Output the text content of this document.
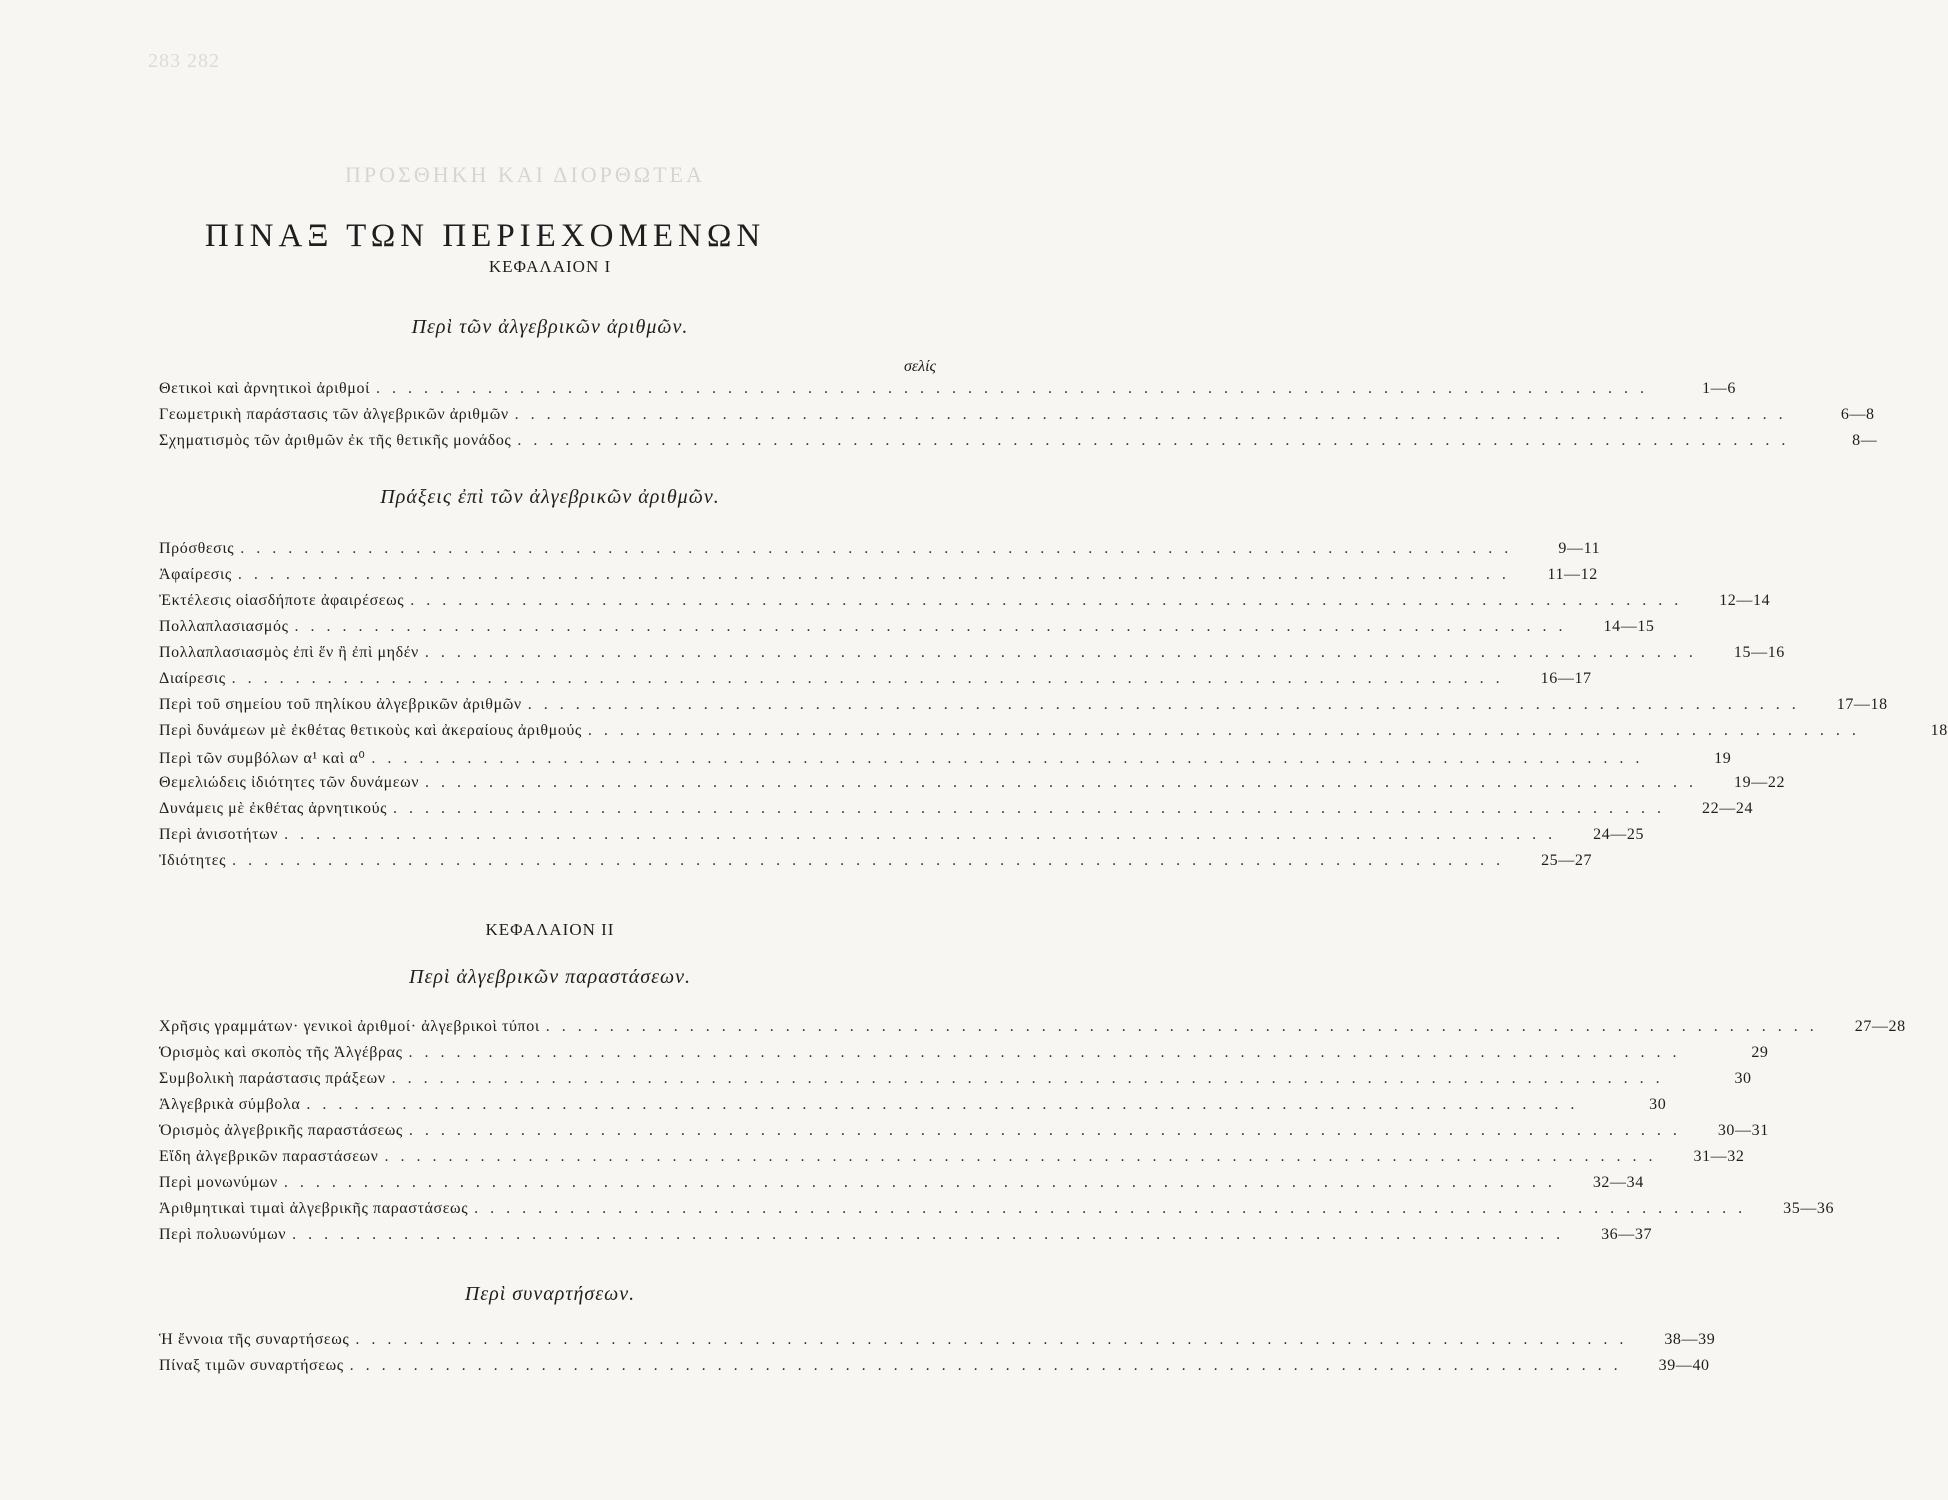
283 282
ΠΡΟΣΘΗΚΗ ΚΑΙ ΔΙΟΡΘΩΤΕΑ
ΠΙΝΑΞ ΤΩΝ ΠΕΡΙΕΧΟΜΕΝΩΝ
ΚΕΦΑΛΑΙΟΝ Ι
Περὶ τῶν ἀλγεβρικῶν ἀριθμῶν.
σελίς
Θετικοὶ καὶ ἀρνητικοὶ ἀριθμοί ................................................................................	1—6
Γεωμετρικὴ παράστασις τῶν ἀλγεβρικῶν ἀριθμῶν ................................................................................	6—8
Σχηματισμὸς τῶν ἀριθμῶν ἐκ τῆς θετικῆς μονάδος ................................................................................	8—
Πράξεις ἐπὶ τῶν ἀλγεβρικῶν ἀριθμῶν.
Πρόσθεσις ................................................................................	9—11
Ἀφαίρεσις ................................................................................	11—12
Ἐκτέλεσις οἱασδήποτε ἀφαιρέσεως ................................................................................	12—14
Πολλαπλασιασμός ................................................................................	14—15
Πολλαπλασιασμὸς ἐπὶ ἕν ἢ ἐπὶ μηδέν ................................................................................	15—16
Διαίρεσις ................................................................................	16—17
Περὶ τοῦ σημείου τοῦ πηλίκου ἀλγεβρικῶν ἀριθμῶν ................................................................................	17—18
Περὶ δυνάμεων μὲ ἐκθέτας θετικοὺς καὶ ἀκεραίους ἀριθμούς ................................................................................	18
Περὶ τῶν συμβόλων α¹ καὶ α⁰ ................................................................................	19
Θεμελιώδεις ἰδιότητες τῶν δυνάμεων ................................................................................	19—22
Δυνάμεις μὲ ἐκθέτας ἀρνητικούς ................................................................................	22—24
Περὶ ἀνισοτήτων ................................................................................	24—25
Ἰδιότητες ................................................................................	25—27
ΚΕΦΑΛΑΙΟΝ ΙΙ
Περὶ ἀλγεβρικῶν παραστάσεων.
Χρῆσις γραμμάτων· γενικοὶ ἀριθμοί· ἀλγεβρικοὶ τύποι ................................................................................	27—28
Ὁρισμὸς καὶ σκοπὸς τῆς Ἀλγέβρας ................................................................................	29
Συμβολικὴ παράστασις πράξεων ................................................................................	30
Ἀλγεβρικὰ σύμβολα ................................................................................	30
Ὁρισμὸς ἀλγεβρικῆς παραστάσεως ................................................................................	30—31
Εἴδη ἀλγεβρικῶν παραστάσεων ................................................................................	31—32
Περὶ μονωνύμων ................................................................................	32—34
Ἀριθμητικαὶ τιμαὶ ἀλγεβρικῆς παραστάσεως ................................................................................	35—36
Περὶ πολυωνύμων ................................................................................	36—37
Περὶ συναρτήσεων.
Ἡ ἔννοια τῆς συναρτήσεως ................................................................................	38—39
Πίναξ τιμῶν συναρτήσεως ................................................................................	39—40
